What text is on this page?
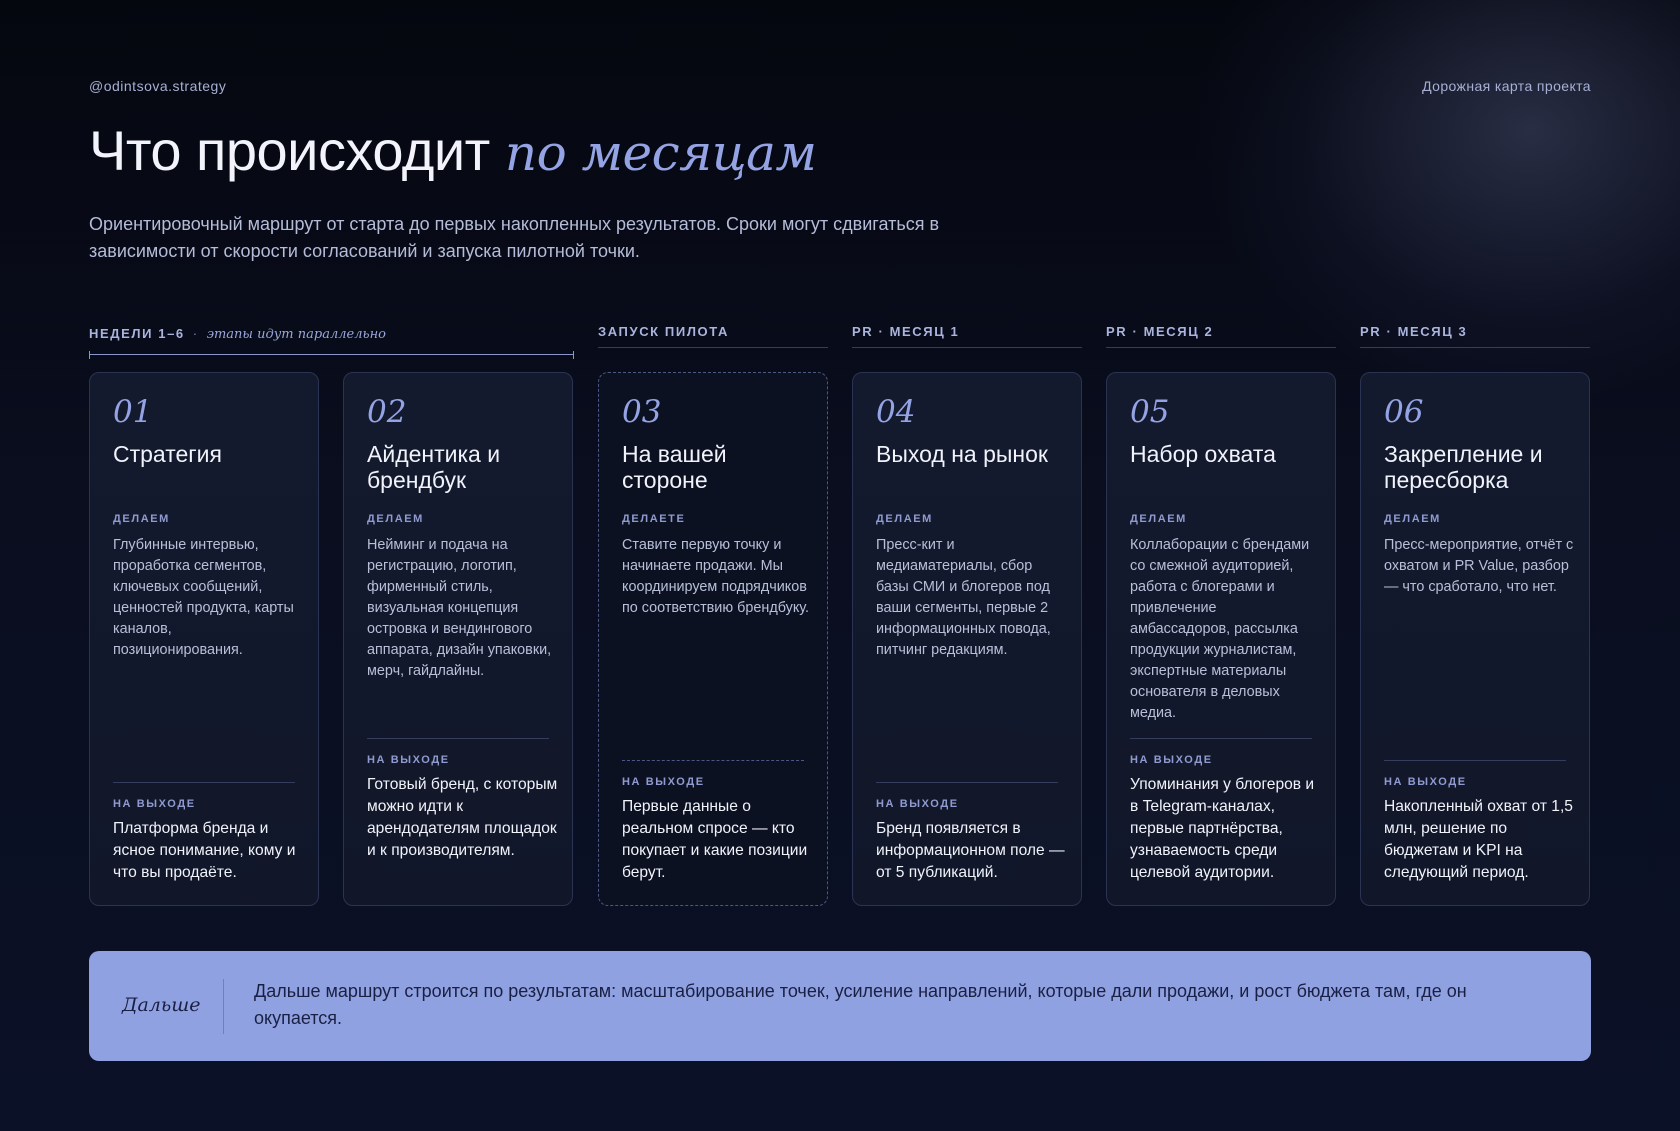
@odintsova.strategy	Дорожная карта проекта
Что происходит по месяцам

Ориентировочный маршрут от старта до первых накопленных результатов. Сроки могут сдвигаться в зависимости от скорости согласований и запуска пилотной точки.

НЕДЕЛИ 1–6 · этапы идут параллельно	ЗАПУСК ПИЛОТА	PR · МЕСЯЦ 1	PR · МЕСЯЦ 2	PR · МЕСЯЦ 3
01
Стратегия
ДЕЛАЕМ
Глубинные интервью, проработка сегментов, ключевых сообщений, ценностей продукта, карты каналов, позиционирования.
НА ВЫХОДЕ
Платформа бренда и ясное понимание, кому и что вы продаёте.
02
Айдентика и брендбук
ДЕЛАЕМ
Нейминг и подача на регистрацию, логотип, фирменный стиль, визуальная концепция островка и вендингового аппарата, дизайн упаковки, мерч, гайдлайны.
НА ВЫХОДЕ
Готовый бренд, с которым можно идти к арендодателям площадок и к производителям.
03
На вашей стороне
ДЕЛАЕТЕ
Ставите первую точку и начинаете продажи. Мы координируем подрядчиков по соответствию брендбуку.
НА ВЫХОДЕ
Первые данные о реальном спросе — кто покупает и какие позиции берут.
04
Выход на рынок
ДЕЛАЕМ
Пресс-кит и медиаматериалы, сбор базы СМИ и блогеров под ваши сегменты, первые 2 информационных повода, питчинг редакциям.
НА ВЫХОДЕ
Бренд появляется в информационном поле — от 5 публикаций.
05
Набор охвата
ДЕЛАЕМ
Коллаборации с брендами со смежной аудиторией, работа с блогерами и привлечение амбассадоров, рассылка продукции журналистам, экспертные материалы основателя в деловых медиа.
НА ВЫХОДЕ
Упоминания у блогеров и в Telegram-каналах, первые партнёрства, узнаваемость среди целевой аудитории.
06
Закрепление и пересборка
ДЕЛАЕМ
Пресс-мероприятие, отчёт с охватом и PR Value, разбор — что сработало, что нет.
НА ВЫХОДЕ
Накопленный охват от 1,5 млн, решение по бюджетам и KPI на следующий период.
Дальше
Дальше маршрут строится по результатам: масштабирование точек, усиление направлений, которые дали продажи, и рост бюджета там, где он окупается.
